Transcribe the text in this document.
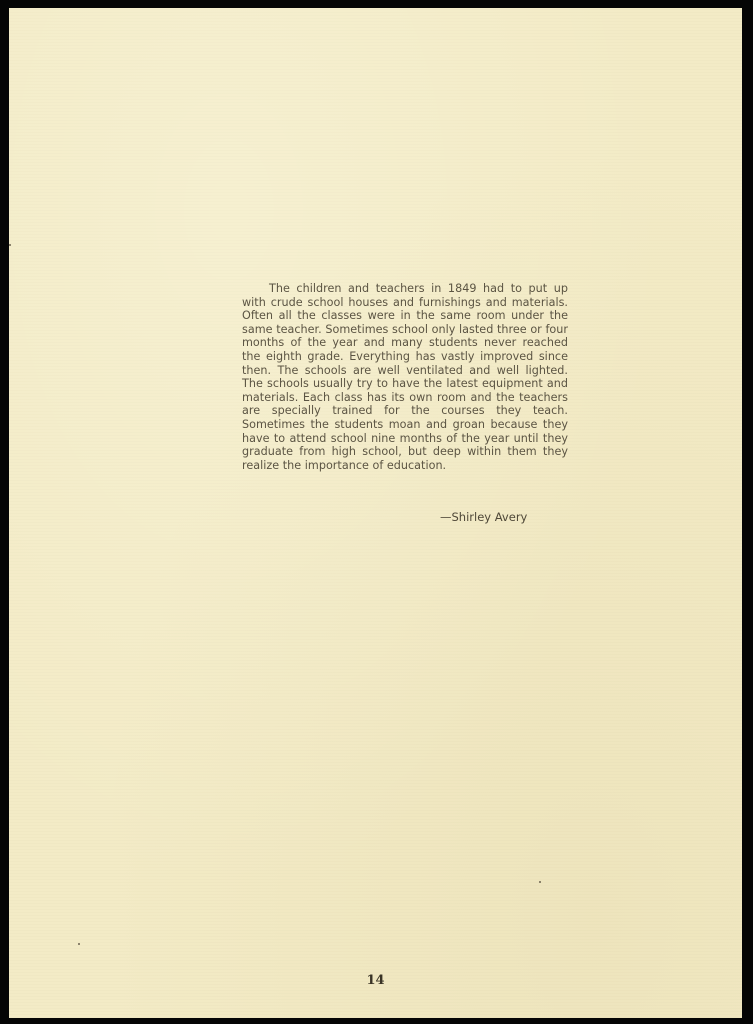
The children and teachers in 1849 had to put up with crude school houses and furnishings and materials. Often all the classes were in the same room under the same teacher. Sometimes school only lasted three or four months of the year and many students never reached the eighth grade. Everything has vastly improved since then. The schools are well ventilated and well lighted. The schools usually try to have the latest equipment and materials. Each class has its own room and the teachers are specially trained for the courses they teach. Sometimes the students moan and groan because they have to attend school nine months of the year until they graduate from high school, but deep within them they realize the importance of education.

—Shirley Avery

14
